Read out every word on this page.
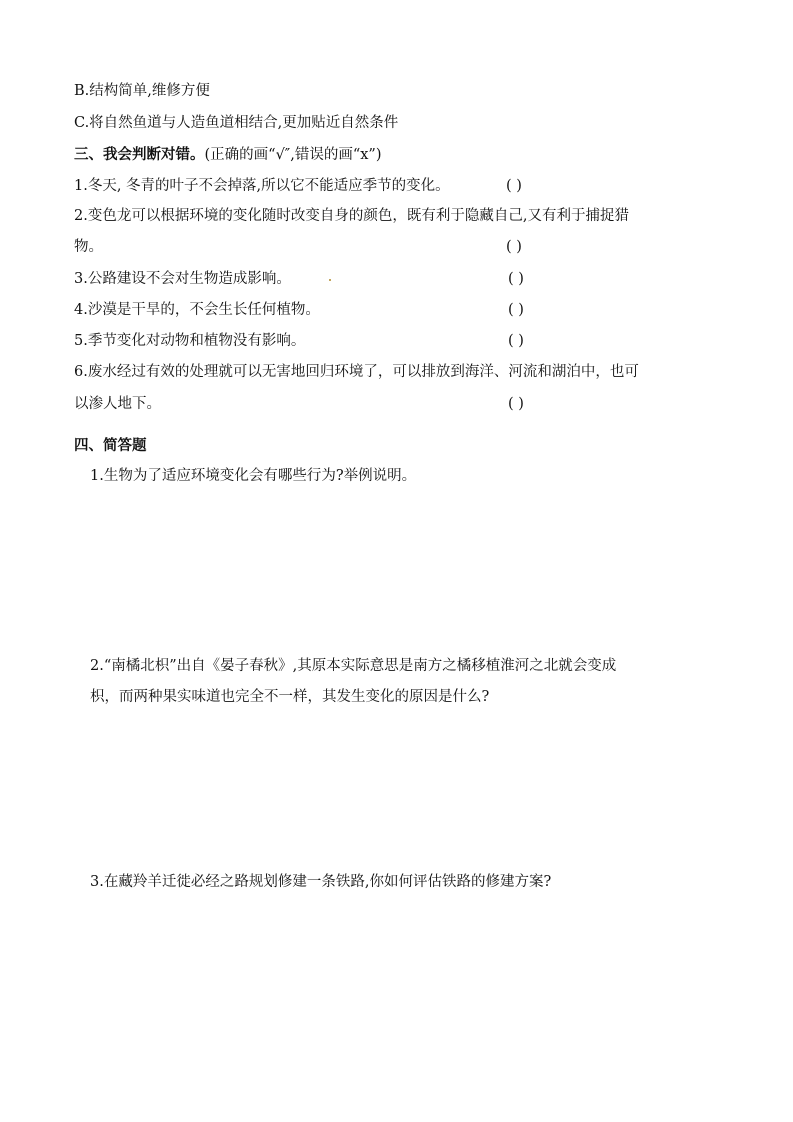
B.结构简单,维修方便
C.将自然鱼道与人造鱼道相结合,更加贴近自然条件
三、我会判断对错。(正确的画“√″,错误的画“x”)
1.冬天, 冬青的叶子不会掉落,所以它不能适应季节的变化。	( )
2.变色龙可以根据环境的变化随时改变自身的颜色，既有利于隐藏自己,又有利于捕捉猎
物。	( )
3.公路建设不会对生物造成影响。	( )
4.沙漠是干旱的，不会生长任何植物。	( )
5.季节变化对动物和植物没有影响。	( )
6.废水经过有效的处理就可以无害地回归环境了，可以排放到海洋、河流和湖泊中，也可
以渗人地下。	( )
四、简答题
1.生物为了适应环境变化会有哪些行为?举例说明。
2.“南橘北枳”出自《晏子春秋》,其原本实际意思是南方之橘移植淮河之北就会变成
枳，而两种果实味道也完全不一样，其发生变化的原因是什么?
3.在藏羚羊迁徙必经之路规划修建一条铁路,你如何评估铁路的修建方案?
